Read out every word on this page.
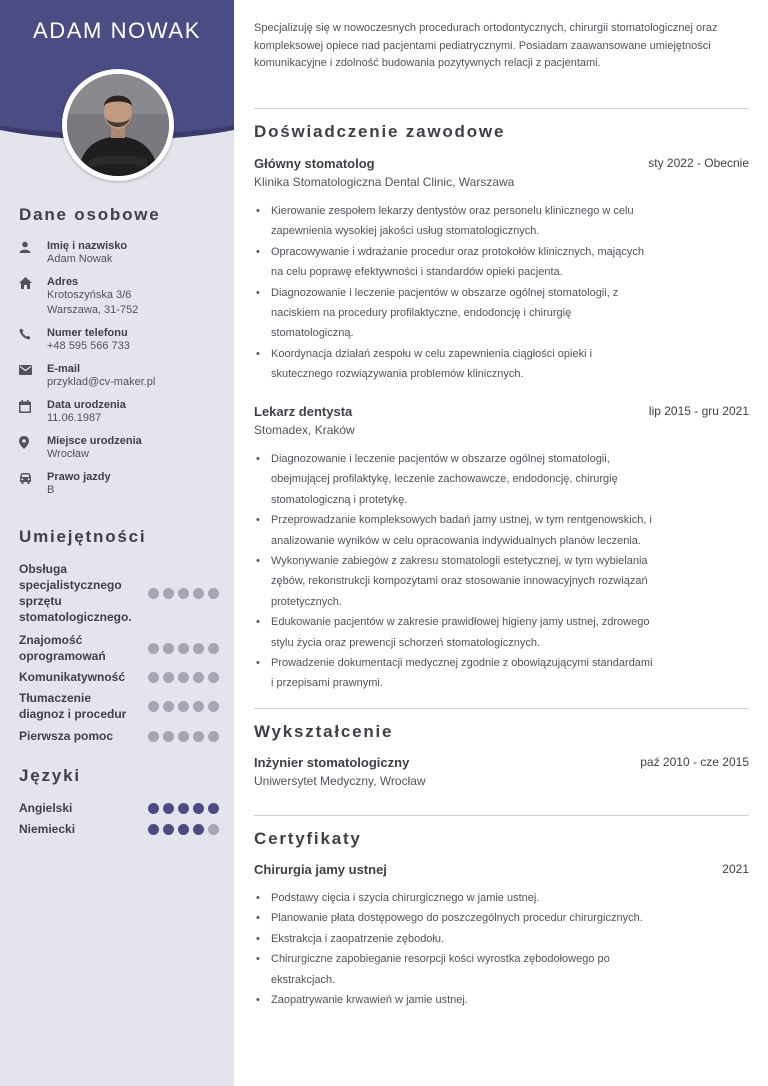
ADAM NOWAK
Dane osobowe
Imię i nazwisko
Adam Nowak
Adres
Krotoszyńska 3/6
Warszawa, 31-752
Numer telefonu
+48 595 566 733
E-mail
przyklad@cv-maker.pl
Data urodzenia
11.06.1987
Miejsce urodzenia
Wrocław
Prawo jazdy
B
Umiejętności
Obsługa specjalistycznego sprzętu stomatologicznego.
Znajomość oprogramowań
Komunikatywność
Tłumaczenie diagnoz i procedur
Pierwsza pomoc
Języki
Angielski
Niemiecki

Specjalizuję się w nowoczesnych procedurach ortodontycznych, chirurgii stomatologicznej oraz kompleksowej opiece nad pacjentami pediatrycznymi. Posiadam zaawansowane umiejętności komunikacyjne i zdolność budowania pozytywnych relacji z pacjentami.

Doświadczenie zawodowe
Główny stomatolog	sty 2022 - Obecnie
Klinika Stomatologiczna Dental Clinic, Warszawa
• Kierowanie zespołem lekarzy dentystów oraz personelu klinicznego w celu zapewnienia wysokiej jakości usług stomatologicznych.
• Opracowywanie i wdrażanie procedur oraz protokołów klinicznych, mających na celu poprawę efektywności i standardów opieki pacjenta.
• Diagnozowanie i leczenie pacjentów w obszarze ogólnej stomatologii, z naciskiem na procedury profilaktyczne, endodoncję i chirurgię stomatologiczną.
• Koordynacja działań zespołu w celu zapewnienia ciągłości opieki i skutecznego rozwiązywania problemów klinicznych.
Lekarz dentysta	lip 2015 - gru 2021
Stomadex, Kraków
• Diagnozowanie i leczenie pacjentów w obszarze ogólnej stomatologii, obejmującej profilaktykę, leczenie zachowawcze, endodoncję, chirurgię stomatologiczną i protetykę.
• Przeprowadzanie kompleksowych badań jamy ustnej, w tym rentgenowskich, i analizowanie wyników w celu opracowania indywidualnych planów leczenia.
• Wykonywanie zabiegów z zakresu stomatologii estetycznej, w tym wybielania zębów, rekonstrukcji kompozytami oraz stosowanie innowacyjnych rozwiązań protetycznych.
• Edukowanie pacjentów w zakresie prawidłowej higieny jamy ustnej, zdrowego stylu życia oraz prewencji schorzeń stomatologicznych.
• Prowadzenie dokumentacji medycznej zgodnie z obowiązującymi standardami i przepisami prawnymi.
Wykształcenie
Inżynier stomatologiczny	paź 2010 - cze 2015
Uniwersytet Medyczny, Wrocław
Certyfikaty
Chirurgia jamy ustnej	2021
• Podstawy cięcia i szycia chirurgicznego w jamie ustnej.
• Planowanie płata dostępowego do poszczególnych procedur chirurgicznych.
• Ekstrakcja i zaopatrzenie zębodołu.
• Chirurgiczne zapobieganie resorpcji kości wyrostka zębodołowego po ekstrakcjach.
• Zaopatrywanie krwawień w jamie ustnej.
